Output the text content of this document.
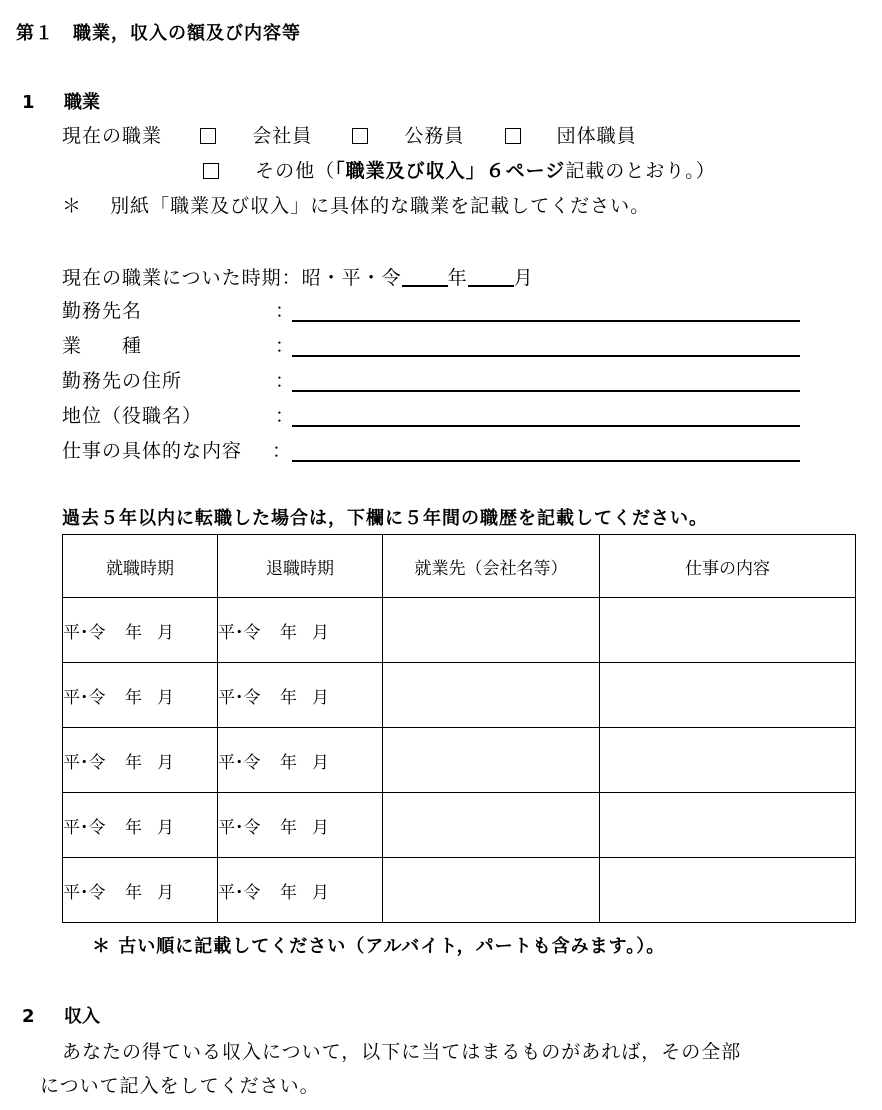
第１　職業，収入の額及び内容等
1 職業
現在の職業	会社員	公務員	団体職員
その他（「職業及び収入」６ページ記載のとおり。）
＊ 別紙「職業及び収入」に具体的な職業を記載してください。
現在の職業についた時期：昭・平・令 年 月
勤務先名	：
業　　種	：
勤務先の住所	：
地位（役職名）	：
仕事の具体的な内容 ：
過去５年以内に転職した場合は，下欄に５年間の職歴を記載してください。
就職時期	退職時期	就業先（会社名等）	仕事の内容
平･令 年 月	平･令 年 月		
平･令 年 月	平･令 年 月		
平･令 年 月	平･令 年 月		
平･令 年 月	平･令 年 月		
平･令 年 月	平･令 年 月		
＊ 古い順に記載してください（アルバイト，パートも含みます。）。
2 収入
あなたの得ている収入について，以下に当てはまるものがあれば，その全部
について記入をしてください。
